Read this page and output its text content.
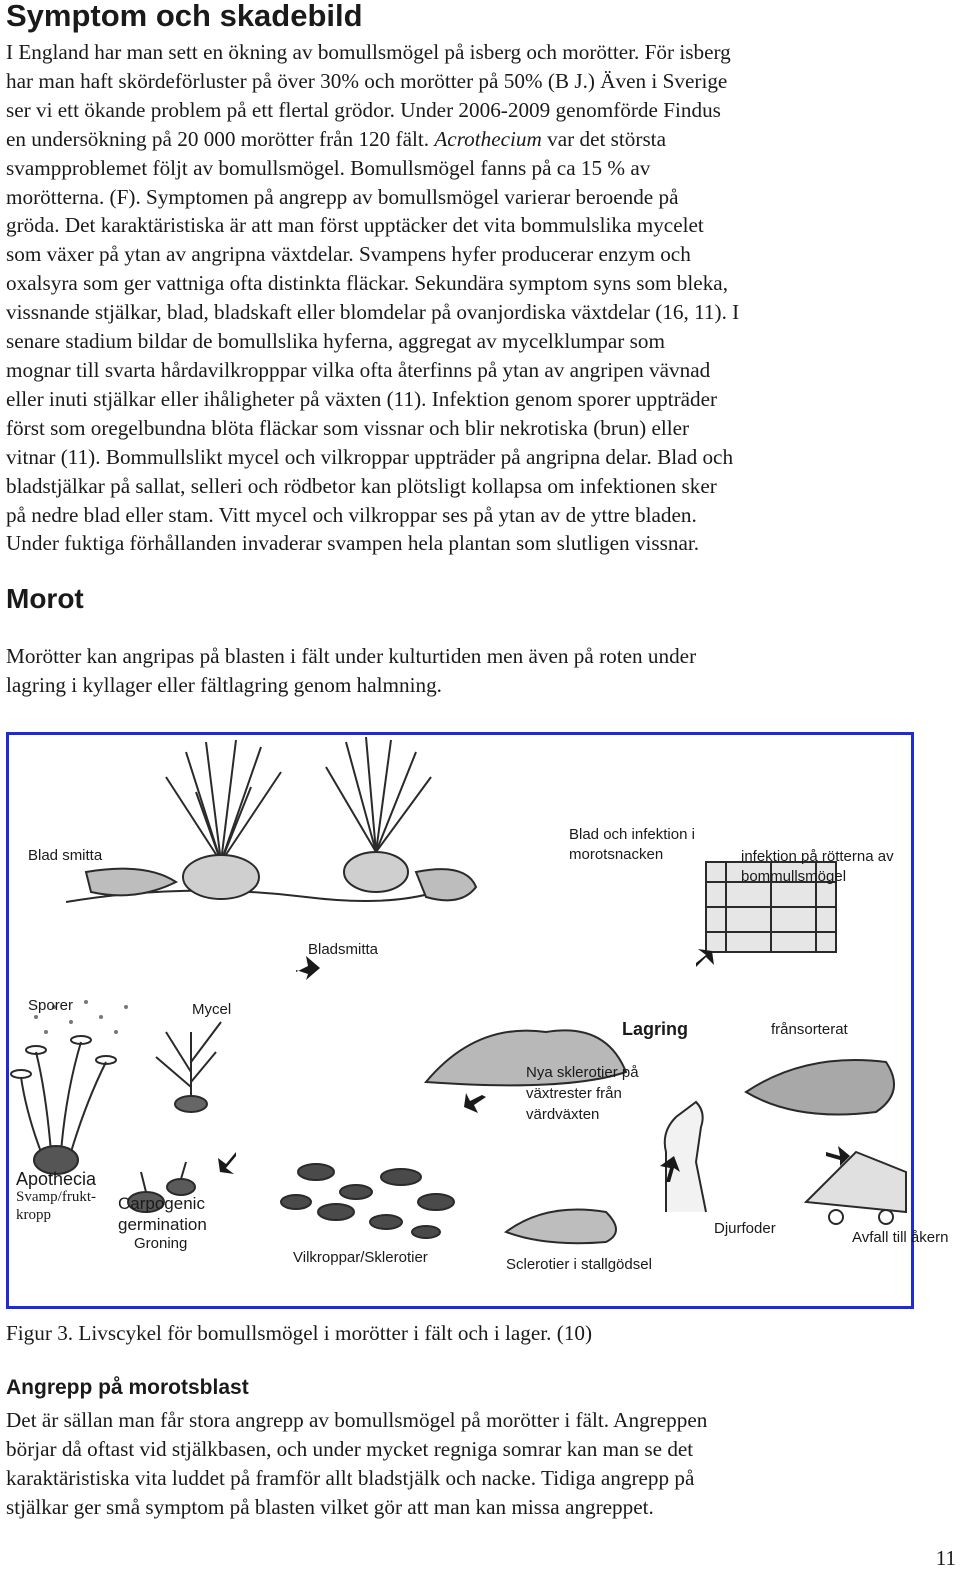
Symptom och skadebild
I England har man sett en ökning av bomullsmögel på isberg och morötter. För isberg
har man haft skördeförluster på över 30% och morötter på 50% (B J.) Även i Sverige
ser vi ett ökande problem på ett flertal grödor. Under 2006-2009 genomförde Findus
en undersökning på 20 000 morötter från 120 fält. Acrothecium var det största
svampproblemet följt av bomullsmögel. Bomullsmögel fanns på ca 15 % av
morötterna. (F). Symptomen på angrepp av bomullsmögel varierar beroende på
gröda. Det karaktäristiska är att man först upptäcker det vita bommulslika mycelet
som växer på ytan av angripna växtdelar. Svampens hyfer producerar enzym och
oxalsyra som ger vattniga ofta distinkta fläckar. Sekundära symptom syns som bleka,
vissnande stjälkar, blad, bladskaft eller blomdelar på ovanjordiska växtdelar (16, 11). I
senare stadium bildar de bomullslika hyferna, aggregat av mycelklumpar som
mognar till svarta hårdavilkropppar vilka ofta återfinns på ytan av angripen vävnad
eller inuti stjälkar eller ihåligheter på växten (11). Infektion genom sporer uppträder
först som oregelbundna blöta fläckar som vissnar och blir nekrotiska (brun) eller
vitnar (11). Bommullslikt mycel och vilkroppar uppträder på angripna delar. Blad och
bladstjälkar på sallat, selleri och rödbetor kan plötsligt kollapsa om infektionen sker
på nedre blad eller stam. Vitt mycel och vilkroppar ses på ytan av de yttre bladen.
Under fuktiga förhållanden invaderar svampen hela plantan som slutligen vissnar.
Morot
Morötter kan angripas på blasten i fält under kulturtiden men även på roten under
lagring i kyllager eller fältlagring genom halmning.
Blad smitta
Blad och infektion i
morotsnacken	infektion på rötterna av
bommullsmögel
Bladsmitta
Sporer	Mycel
Lagring	frånsorterat
Nya sklerotier på
växtrester från
värdväxten
Apothecia
Svamp/frukt-
kropp
Carpogenic
germination
Groning
Vilkroppar/Sklerotier	Sclerotier i stallgödsel
Djurfoder
Avfall till åkern
Figur 3. Livscykel för bomullsmögel i morötter i fält och i lager. (10)
Angrepp på morotsblast
Det är sällan man får stora angrepp av bomullsmögel på morötter i fält. Angreppen
börjar då oftast vid stjälkbasen, och under mycket regniga somrar kan man se det
karaktäristiska vita luddet på framför allt bladstjälk och nacke. Tidiga angrepp på
stjälkar ger små symptom på blasten vilket gör att man kan missa angreppet.
11
